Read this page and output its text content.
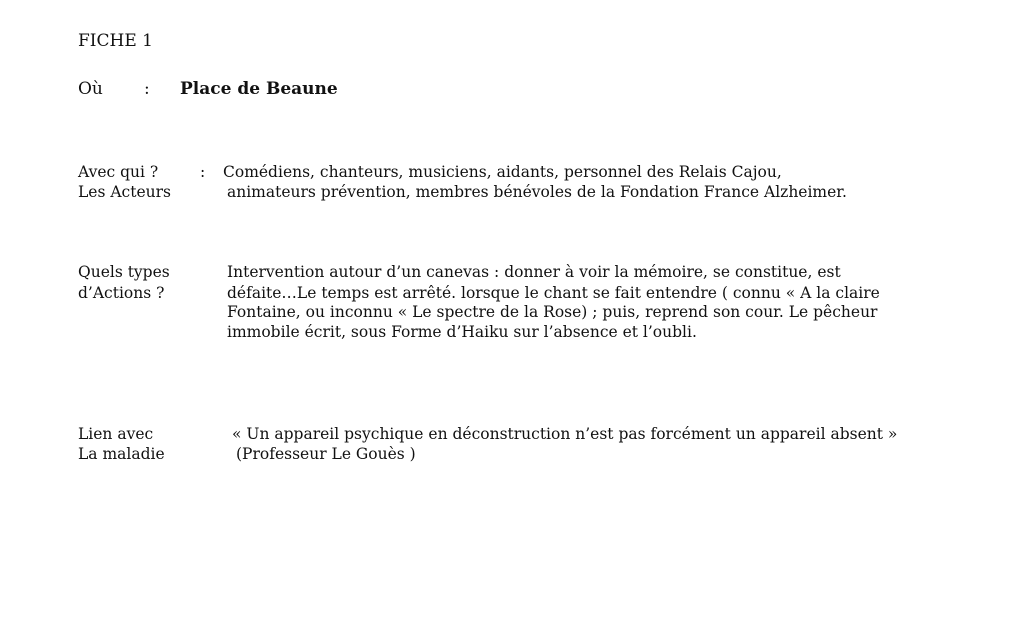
FICHE 1
Où : Place de Beaune
Avec qui ?	: Comédiens, chanteurs, musiciens, aidants, personnel des Relais Cajou,
Les Acteurs	animateurs prévention, membres bénévoles de la Fondation France Alzheimer.
Quels types	Intervention autour d’un canevas : donner à voir la mémoire, se constitue, est
d’Actions ?	défaite…Le temps est arrêté. lorsque le chant se fait entendre ( connu « A la claire
Fontaine, ou inconnu « Le spectre de la Rose) ; puis, reprend son cour. Le pêcheur
immobile écrit, sous Forme d’Haiku sur l’absence et l’oubli.
Lien avec	« Un appareil psychique en déconstruction n’est pas forcément un appareil absent »
La maladie	(Professeur Le Gouès )
